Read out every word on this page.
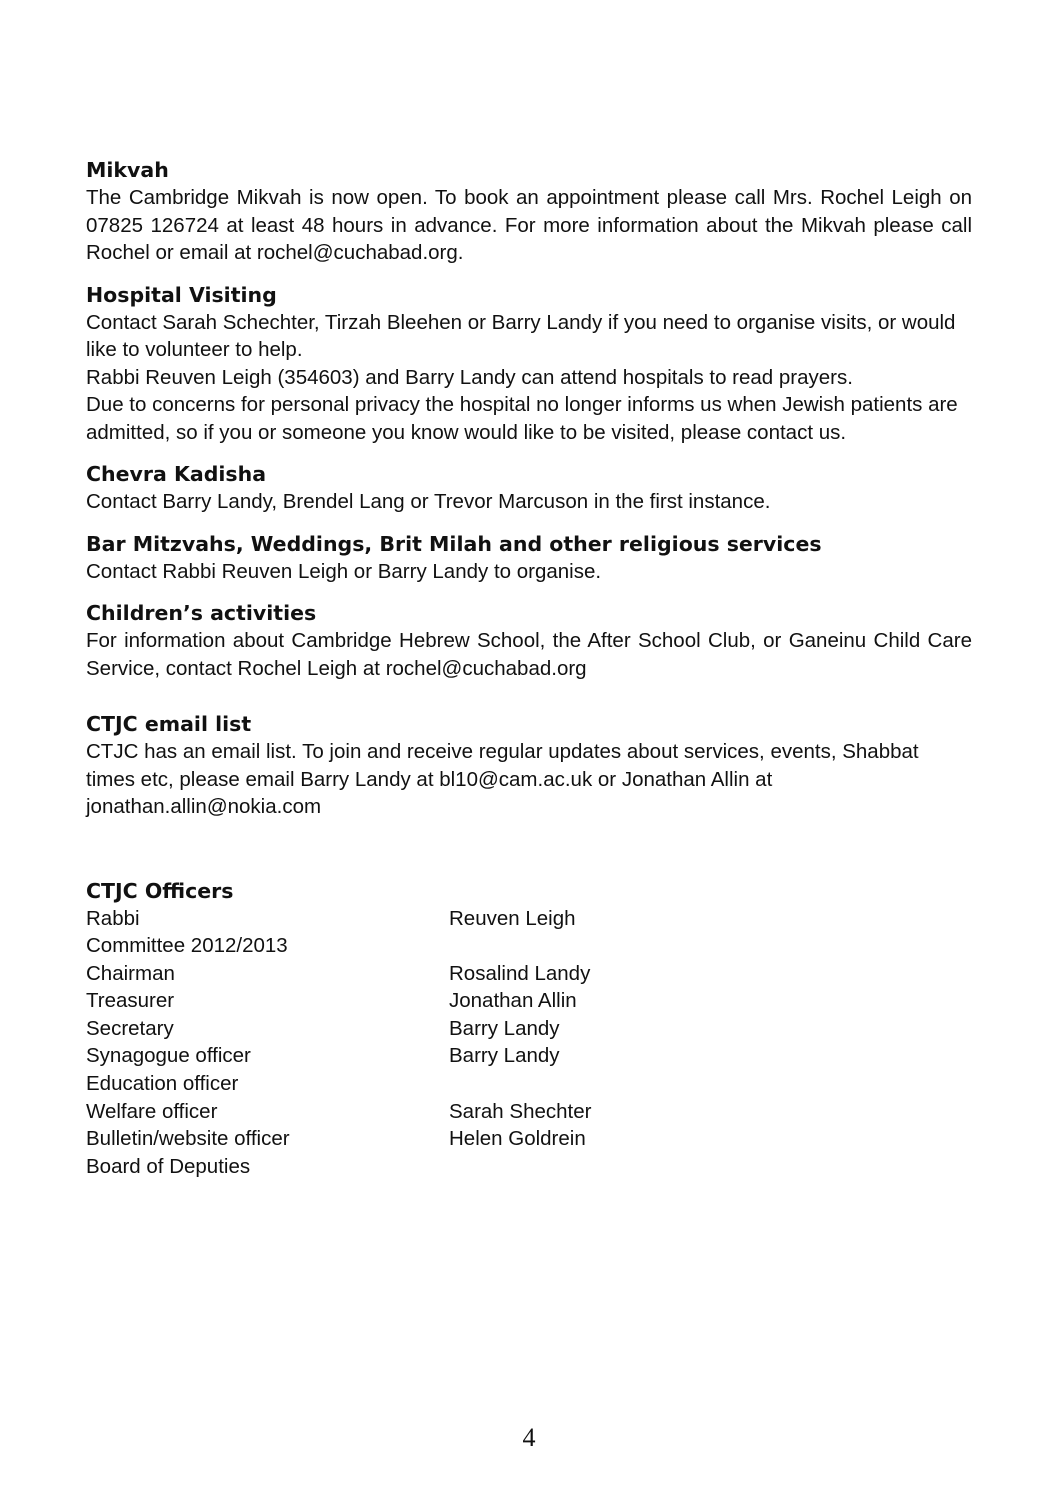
Mikvah

The Cambridge Mikvah is now open. To book an appointment please call Mrs. Rochel Leigh on 07825 126724 at least 48 hours in advance. For more information about the Mikvah please call Rochel or email at rochel@cuchabad.org.

Hospital Visiting

Contact Sarah Schechter, Tirzah Bleehen or Barry Landy if you need to organise visits, or would like to volunteer to help.

Rabbi Reuven Leigh (354603) and Barry Landy can attend hospitals to read prayers.

Due to concerns for personal privacy the hospital no longer informs us when Jewish patients are admitted, so if you or someone you know would like to be visited, please contact us.

Chevra Kadisha

Contact Barry Landy, Brendel Lang or Trevor Marcuson in the first instance.

Bar Mitzvahs, Weddings, Brit Milah and other religious services

Contact Rabbi Reuven Leigh or Barry Landy to organise.

Children’s activities

For information about Cambridge Hebrew School, the After School Club, or Ganeinu Child Care Service, contact Rochel Leigh at rochel@cuchabad.org

CTJC email list

CTJC has an email list. To join and receive regular updates about services, events, Shabbat times etc, please email Barry Landy at bl10@cam.ac.uk or Jonathan Allin at jonathan.allin@nokia.com

CTJC Officers
Rabbi	Reuven Leigh
Committee 2012/2013
Chairman	Rosalind Landy
Treasurer	Jonathan Allin
Secretary	Barry Landy
Synagogue officer	Barry Landy
Education officer
Welfare officer	Sarah Shechter
Bulletin/website officer	Helen Goldrein
Board of Deputies
4
